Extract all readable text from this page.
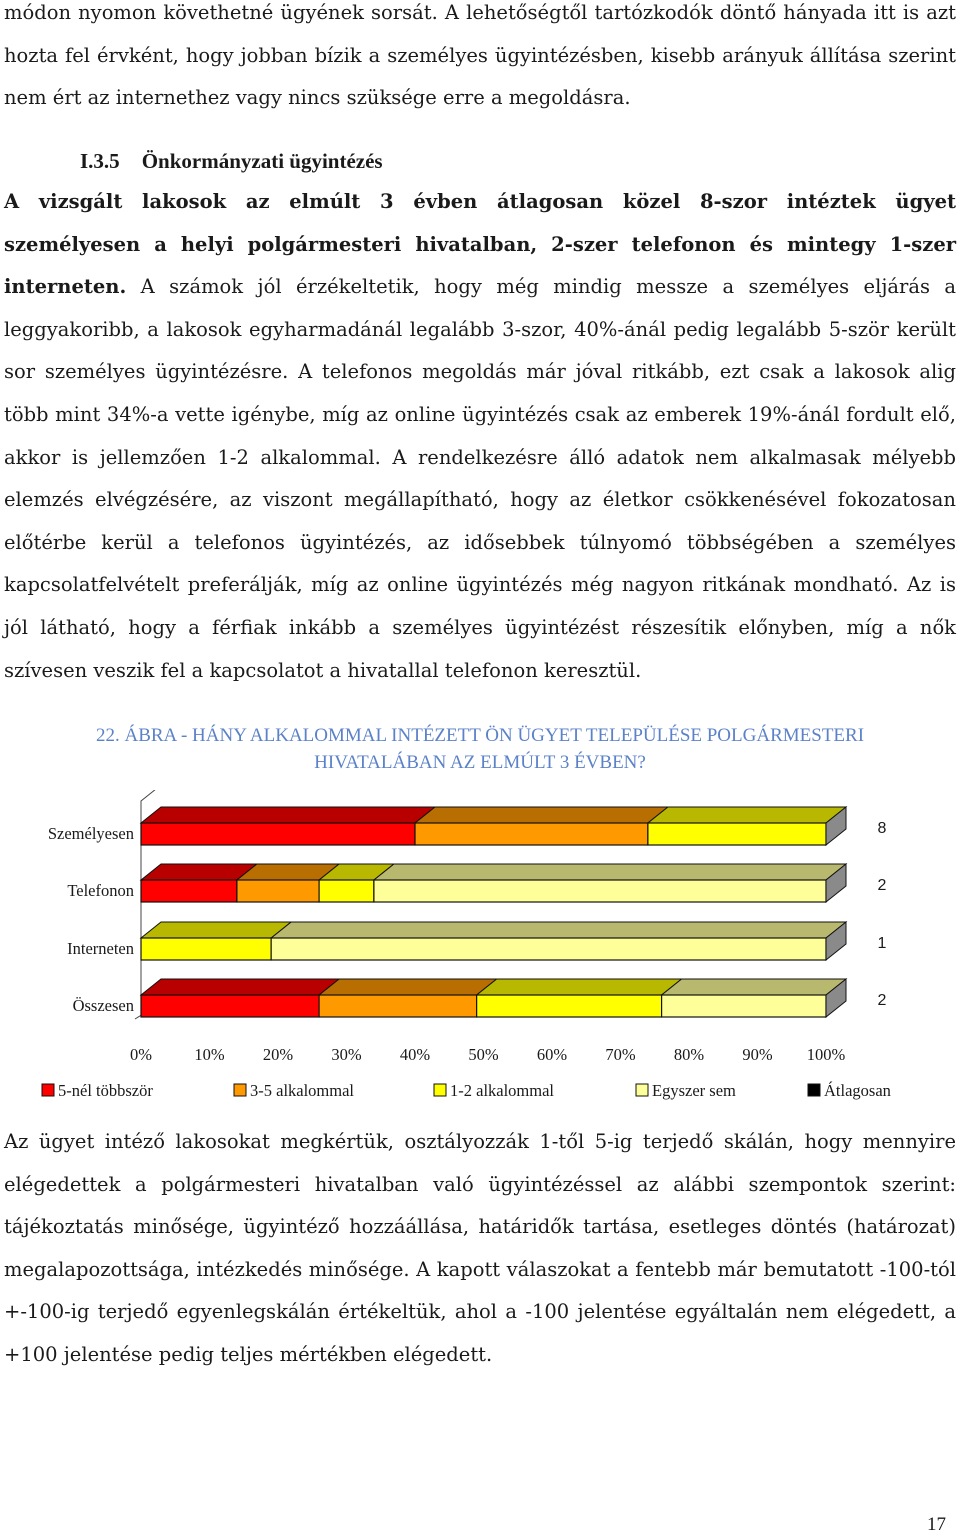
módon nyomon követhetné ügyének sorsát. A lehetőségtől tartózkodók döntő hányada itt is azt hozta fel érvként, hogy jobban bízik a személyes ügyintézésben, kisebb arányuk állítása szerint nem ért az internethez vagy nincs szüksége erre a megoldásra.

I.3.5 Önkormányzati ügyintézés

A vizsgált lakosok az elmúlt 3 évben átlagosan közel 8-szor intéztek ügyet személyesen a helyi polgármesteri hivatalban, 2-szer telefonon és mintegy 1-szer interneten. A számok jól érzékeltetik, hogy még mindig messze a személyes eljárás a leggyakoribb, a lakosok egyharmadánál legalább 3-szor, 40%-ánál pedig legalább 5-ször került sor személyes ügyintézésre. A telefonos megoldás már jóval ritkább, ezt csak a lakosok alig több mint 34%-a vette igénybe, míg az online ügyintézés csak az emberek 19%-ánál fordult elő, akkor is jellemzően 1-2 alkalommal. A rendelkezésre álló adatok nem alkalmasak mélyebb elemzés elvégzésére, az viszont megállapítható, hogy az életkor csökkenésével fokozatosan előtérbe kerül a telefonos ügyintézés, az idősebbek túlnyomó többségében a személyes kapcsolatfelvételt preferálják, míg az online ügyintézés még nagyon ritkának mondható. Az is jól látható, hogy a férfiak inkább a személyes ügyintézést részesítik előnyben, míg a nők szívesen veszik fel a kapcsolatot a hivatallal telefonon keresztül.

22. ÁBRA - HÁNY ALKALOMMAL INTÉZETT ÖN ÜGYET TELEPÜLÉSE POLGÁRMESTERI
HIVATALÁBAN AZ ELMÚLT 3 ÉVBEN?
Személyesen	8
Telefonon	2
Interneten	1
Összesen	2
0%	10% 20% 30% 40% 50% 60% 70% 80% 90% 100%
5-nél többször	3-5 alkalommal	1-2 alkalommal	Egyszer sem	Átlagosan

Az ügyet intéző lakosokat megkértük, osztályozzák 1-től 5-ig terjedő skálán, hogy mennyire elégedettek a polgármesteri hivatalban való ügyintézéssel az alábbi szempontok szerint: tájékoztatás minősége, ügyintéző hozzáállása, határidők tartása, esetleges döntés (határozat) megalapozottsága, intézkedés minősége. A kapott válaszokat a fentebb már bemutatott -100-tól +-100-ig terjedő egyenlegskálán értékeltük, ahol a -100 jelentése egyáltalán nem elégedett, a +100 jelentése pedig teljes mértékben elégedett.

17
